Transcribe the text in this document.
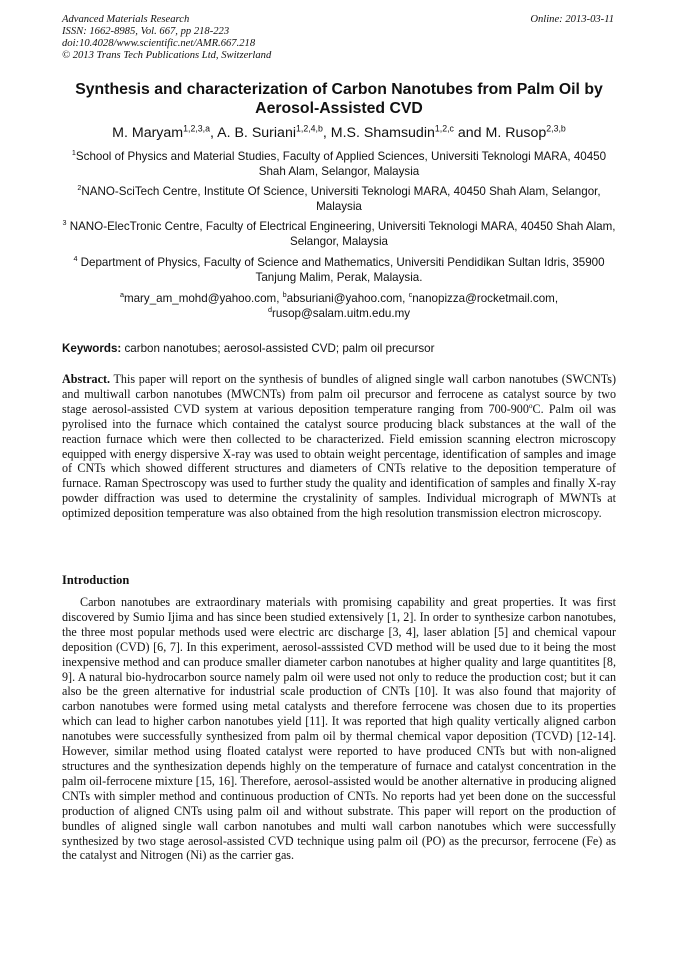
Advanced Materials Research
ISSN: 1662-8985, Vol. 667, pp 218-223
doi:10.4028/www.scientific.net/AMR.667.218
© 2013 Trans Tech Publications Ltd, Switzerland
Online: 2013-03-11
Synthesis and characterization of Carbon Nanotubes from Palm Oil by Aerosol-Assisted CVD
M. Maryam$^{1,2,3,a}$, A. B. Suriani$^{1,2,4,b}$, M.S. Shamsudin$^{1,2,c}$ and M. Rusop$^{2,3,b}$
$^1$School of Physics and Material Studies, Faculty of Applied Sciences, Universiti Teknologi MARA, 40450 Shah Alam, Selangor, Malaysia
$^2$NANO-SciTech Centre, Institute Of Science, Universiti Teknologi MARA, 40450 Shah Alam, Selangor, Malaysia
$^3$ NANO-ElecTronic Centre, Faculty of Electrical Engineering, Universiti Teknologi MARA, 40450 Shah Alam, Selangor, Malaysia
$^4$ Department of Physics, Faculty of Science and Mathematics, Universiti Pendidikan Sultan Idris, 35900 Tanjung Malim, Perak, Malaysia.
$^a$mary_am_mohd@yahoo.com, $^b$absuriani@yahoo.com, $^c$nanopizza@rocketmail.com,
$^d$rusop@salam.uitm.edu.my
Keywords: carbon nanotubes; aerosol-assisted CVD; palm oil precursor
Abstract. This paper will report on the synthesis of bundles of aligned single wall carbon nanotubes (SWCNTs) and multiwall carbon nanotubes (MWCNTs) from palm oil precursor and ferrocene as catalyst source by two stage aerosol-assisted CVD system at various deposition temperature ranging from 700-900$^o$C. Palm oil was pyrolised into the furnace which contained the catalyst source producing black substances at the wall of the reaction furnace which were then collected to be characterized. Field emission scanning electron microscopy equipped with energy dispersive X-ray was used to obtain weight percentage, identification of samples and image of CNTs which showed different structures and diameters of CNTs relative to the deposition temperature of furnace. Raman Spectroscopy was used to further study the quality and identification of samples and finally X-ray powder diffraction was used to determine the crystalinity of samples. Individual micrograph of MWNTs at optimized deposition temperature was also obtained from the high resolution transmission electron microscopy.
Introduction

Carbon nanotubes are extraordinary materials with promising capability and great properties. It was first discovered by Sumio Ijima and has since been studied extensively [1, 2]. In order to synthesize carbon nanotubes, the three most popular methods used were electric arc discharge [3, 4], laser ablation [5] and chemical vapour deposition (CVD) [6, 7]. In this experiment, aerosol-asssisted CVD method will be used due to it being the most inexpensive method and can produce smaller diameter carbon nanotubes at higher quality and large quantitites [8, 9]. A natural bio-hydrocarbon source namely palm oil were used not only to reduce the production cost; but it can also be the green alternative for industrial scale production of CNTs [10]. It was also found that majority of carbon nanotubes were formed using metal catalysts and therefore ferrocene was chosen due to its properties which can lead to higher carbon nanotubes yield [11]. It was reported that high quality vertically aligned carbon nanotubes were successfully synthesized from palm oil by thermal chemical vapor deposition (TCVD) [12-14]. However, similar method using floated catalyst were reported to have produced CNTs but with non-aligned structures and the synthesization depends highly on the temperature of furnace and catalyst concentration in the palm oil-ferrocene mixture [15, 16]. Therefore, aerosol-assisted would be another alternative in producing aligned CNTs with simpler method and continuous production of CNTs. No reports had yet been done on the successful production of aligned CNTs using palm oil and without substrate. This paper will report on the production of bundles of aligned single wall carbon nanotubes and multi wall carbon nanotubes which were successfully synthesized by two stage aerosol-assisted CVD technique using palm oil (PO) as the precursor, ferrocene (Fe) as the catalyst and Nitrogen (Ni) as the carrier gas.
